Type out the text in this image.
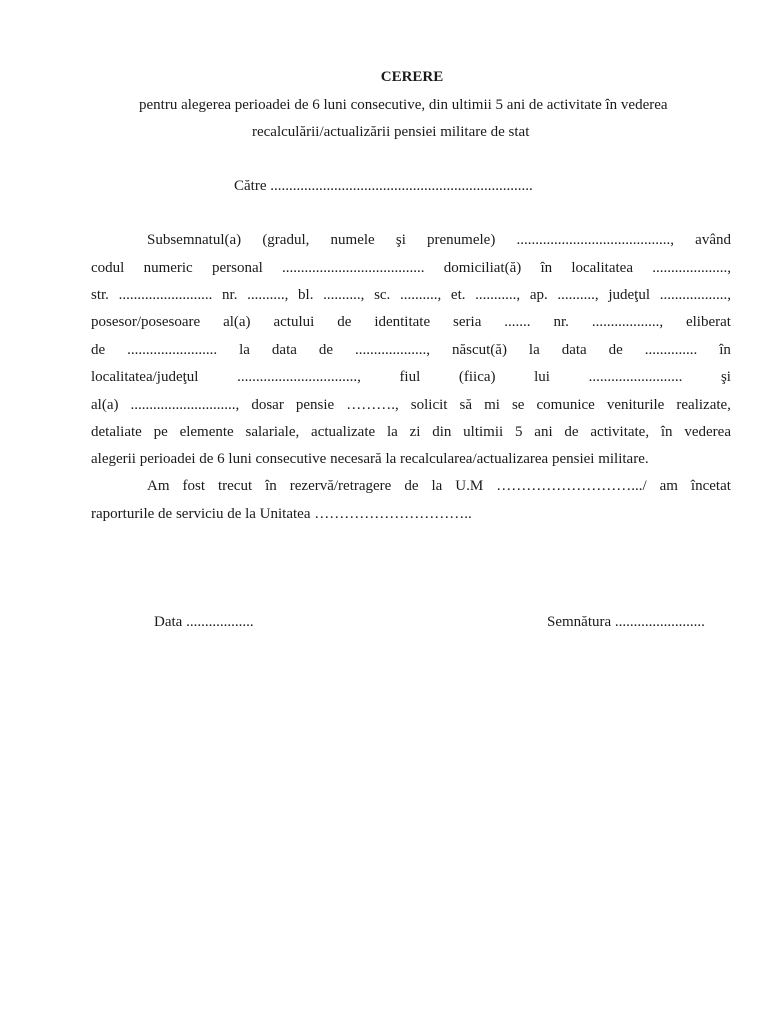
CERERE
pentru alegerea perioadei de 6 luni consecutive, din ultimii 5 ani de activitate în vederea
recalculării/actualizării pensiei militare de stat
Către ......................................................................
Subsemnatul(a) (gradul, numele şi prenumele) ........................................., având
codul numeric personal ...................................... domiciliat(ă) în localitatea ....................,
str. ......................... nr. .........., bl. .........., sc. .........., et. ..........., ap. .........., judeţul ..................,
posesor/posesoare al(a) actului de identitate seria ....... nr. .................., eliberat
de ........................ la data de ..................., născut(ă) la data de .............. în
localitatea/judeţul	................................,	fiul	(fiica)	lui	.........................	şi
al(a) ............................, dosar pensie ………., solicit să mi se comunice veniturile realizate,
detaliate pe elemente salariale, actualizate la zi din ultimii 5 ani de activitate, în vederea
alegerii perioadei de 6 luni consecutive necesară la recalcularea/actualizarea pensiei militare.
Am fost trecut în rezervă/retragere de la U.M ……………………….../ am încetat
raporturile de serviciu de la Unitatea …………………………..
Data ..................	Semnătura ........................
